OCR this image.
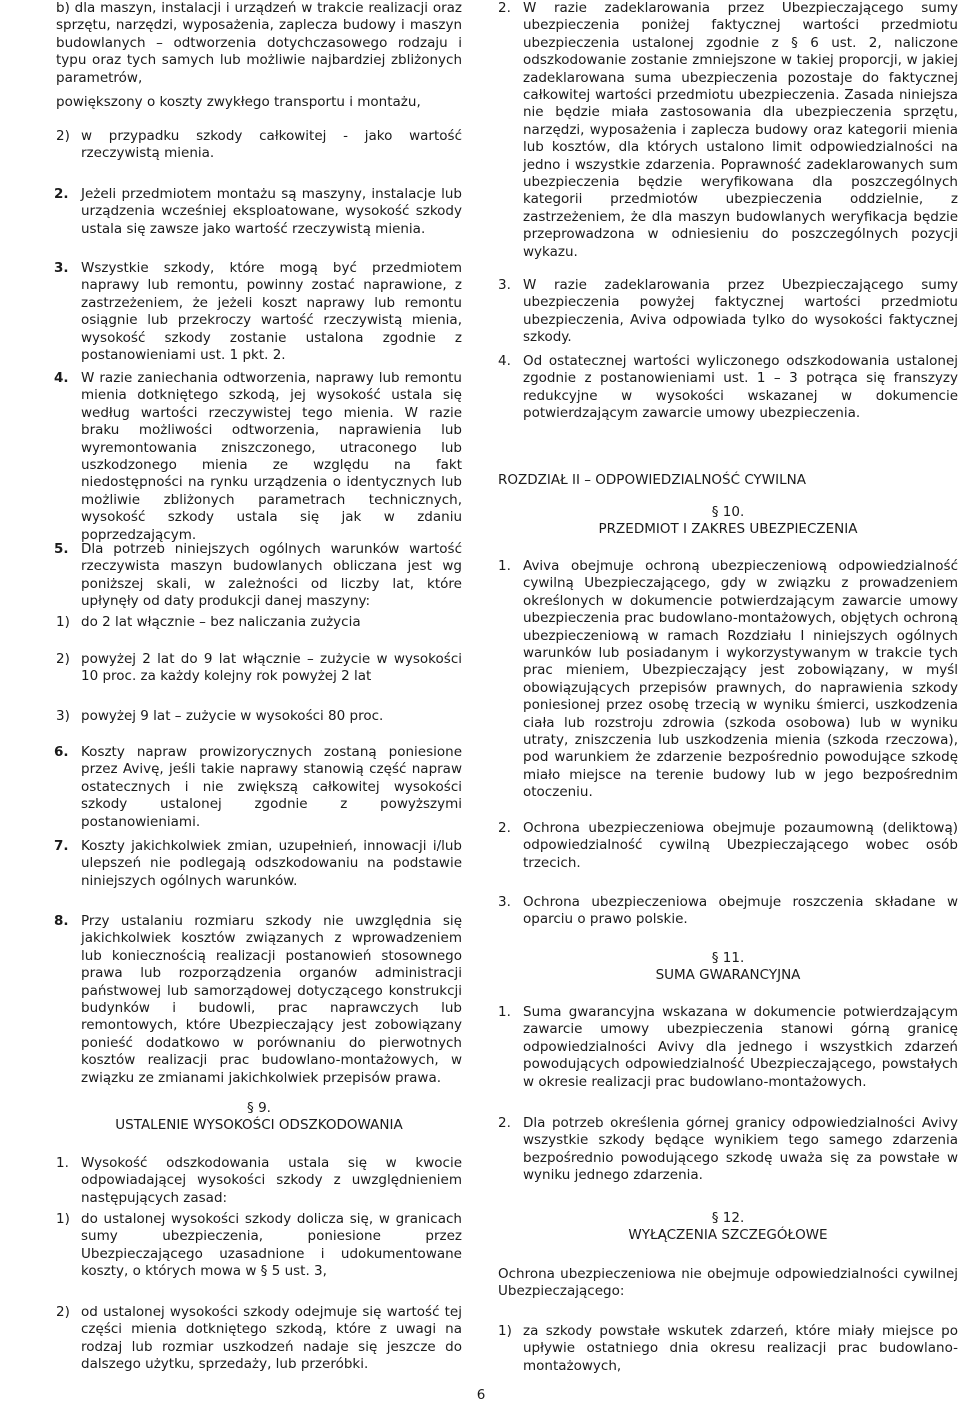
b) dla maszyn, instalacji i urządzeń w trakcie realizacji oraz sprzętu, narzędzi, wyposażenia, zaplecza budowy i maszyn budowlanych – odtworzenia dotychczasowego rodzaju i typu oraz tych samych lub możliwie najbardziej zbliżonych parametrów,
powiększony o koszty zwykłego transportu i montażu,
2) w przypadku szkody całkowitej - jako wartość rzeczywistą mienia.
2. Jeżeli przedmiotem montażu są maszyny, instalacje lub urządzenia wcześniej eksploatowane, wysokość szkody ustala się zawsze jako wartość rzeczywistą mienia.
3. Wszystkie szkody, które mogą być przedmiotem naprawy lub remontu, powinny zostać naprawione, z zastrzeżeniem, że jeżeli koszt naprawy lub remontu osiągnie lub przekroczy wartość rzeczywistą mienia, wysokość szkody zostanie ustalona zgodnie z postanowieniami ust. 1 pkt. 2.
4. W razie zaniechania odtworzenia, naprawy lub remontu mienia dotkniętego szkodą, jej wysokość ustala się według wartości rzeczywistej tego mienia. W razie braku możliwości odtworzenia, naprawienia lub wyremontowania zniszczonego, utraconego lub uszkodzonego mienia ze względu na fakt niedostępności na rynku urządzenia o identycznych lub możliwie zbliżonych parametrach technicznych, wysokość szkody ustala się jak w zdaniu poprzedzającym.
5. Dla potrzeb niniejszych ogólnych warunków wartość rzeczywista maszyn budowlanych obliczana jest wg poniższej skali, w zależności od liczby lat, które upłynęły od daty produkcji danej maszyny:
1) do 2 lat włącznie – bez naliczania zużycia
2) powyżej 2 lat do 9 lat włącznie – zużycie w wysokości 10 proc. za każdy kolejny rok powyżej 2 lat
3) powyżej 9 lat – zużycie w wysokości 80 proc.
6. Koszty napraw prowizorycznych zostaną poniesione przez Avivę, jeśli takie naprawy stanowią część napraw ostatecznych i nie zwiększą całkowitej wysokości szkody ustalonej zgodnie z powyższymi postanowieniami.
7. Koszty jakichkolwiek zmian, uzupełnień, innowacji i/lub ulepszeń nie podlegają odszkodowaniu na podstawie niniejszych ogólnych warunków.
8. Przy ustalaniu rozmiaru szkody nie uwzględnia się jakichkolwiek kosztów związanych z wprowadzeniem lub koniecznością realizacji postanowień stosownego prawa lub rozporządzenia organów administracji państwowej lub samorządowej dotyczącego konstrukcji budynków i budowli, prac naprawczych lub remontowych, które Ubezpieczający jest zobowiązany ponieść dodatkowo w porównaniu do pierwotnych kosztów realizacji prac budowlano-montażowych, w związku ze zmianami jakichkolwiek przepisów prawa.
§ 9.
USTALENIE WYSOKOŚCI ODSZKODOWANIA
1. Wysokość odszkodowania ustala się w kwocie odpowiadającej wysokości szkody z uwzględnieniem następujących zasad:
1) do ustalonej wysokości szkody dolicza się, w granicach sumy ubezpieczenia, poniesione przez Ubezpieczającego uzasadnione i udokumentowane koszty, o których mowa w § 5 ust. 3,
2) od ustalonej wysokości szkody odejmuje się wartość tej części mienia dotkniętego szkodą, które z uwagi na rodzaj lub rozmiar uszkodzeń nadaje się jeszcze do dalszego użytku, sprzedaży, lub przeróbki.
2. W razie zadeklarowania przez Ubezpieczającego sumy ubezpieczenia poniżej faktycznej wartości przedmiotu ubezpieczenia ustalonej zgodnie z § 6 ust. 2, naliczone odszkodowanie zostanie zmniejszone w takiej proporcji, w jakiej zadeklarowana suma ubezpieczenia pozostaje do faktycznej całkowitej wartości przedmiotu ubezpieczenia. Zasada niniejsza nie będzie miała zastosowania dla ubezpieczenia sprzętu, narzędzi, wyposażenia i zaplecza budowy oraz kategorii mienia lub kosztów, dla których ustalono limit odpowiedzialności na jedno i wszystkie zdarzenia. Poprawność zadeklarowanych sum ubezpieczenia będzie weryfikowana dla poszczególnych kategorii przedmiotów ubezpieczenia oddzielnie, z zastrzeżeniem, że dla maszyn budowlanych weryfikacja będzie przeprowadzona w odniesieniu do poszczególnych pozycji wykazu.
3. W razie zadeklarowania przez Ubezpieczającego sumy ubezpieczenia powyżej faktycznej wartości przedmiotu ubezpieczenia, Aviva odpowiada tylko do wysokości faktycznej szkody.
4. Od ostatecznej wartości wyliczonego odszkodowania ustalonej zgodnie z postanowieniami ust. 1 – 3 potrąca się franszyzy redukcyjne w wysokości wskazanej w dokumencie potwierdzającym zawarcie umowy ubezpieczenia.
ROZDZIAŁ II – ODPOWIEDZIALNOŚĆ CYWILNA
§ 10.
PRZEDMIOT I ZAKRES UBEZPIECZENIA
1. Aviva obejmuje ochroną ubezpieczeniową odpowiedzialność cywilną Ubezpieczającego, gdy w związku z prowadzeniem określonych w dokumencie potwierdzającym zawarcie umowy ubezpieczenia prac budowlano-montażowych, objętych ochroną ubezpieczeniową w ramach Rozdziału I niniejszych ogólnych warunków lub posiadanym i wykorzystywanym w trakcie tych prac mieniem, Ubezpieczający jest zobowiązany, w myśl obowiązujących przepisów prawnych, do naprawienia szkody poniesionej przez osobę trzecią w wyniku śmierci, uszkodzenia ciała lub rozstroju zdrowia (szkoda osobowa) lub w wyniku utraty, zniszczenia lub uszkodzenia mienia (szkoda rzeczowa), pod warunkiem że zdarzenie bezpośrednio powodujące szkodę miało miejsce na terenie budowy lub w jego bezpośrednim otoczeniu.
2. Ochrona ubezpieczeniowa obejmuje pozaumowną (deliktową) odpowiedzialność cywilną Ubezpieczającego wobec osób trzecich.
3. Ochrona ubezpieczeniowa obejmuje roszczenia składane w oparciu o prawo polskie.
§ 11.
SUMA GWARANCYJNA
1. Suma gwarancyjna wskazana w dokumencie potwierdzającym zawarcie umowy ubezpieczenia stanowi górną granicę odpowiedzialności Avivy dla jednego i wszystkich zdarzeń powodujących odpowiedzialność Ubezpieczającego, powstałych w okresie realizacji prac budowlano-montażowych.
2. Dla potrzeb określenia górnej granicy odpowiedzialności Avivy wszystkie szkody będące wynikiem tego samego zdarzenia bezpośrednio powodującego szkodę uważa się za powstałe w wyniku jednego zdarzenia.
§ 12.
WYŁĄCZENIA SZCZEGÓŁOWE
Ochrona ubezpieczeniowa nie obejmuje odpowiedzialności cywilnej Ubezpieczającego:
1) za szkody powstałe wskutek zdarzeń, które miały miejsce po upływie ostatniego dnia okresu realizacji prac budowlano-montażowych,
6
